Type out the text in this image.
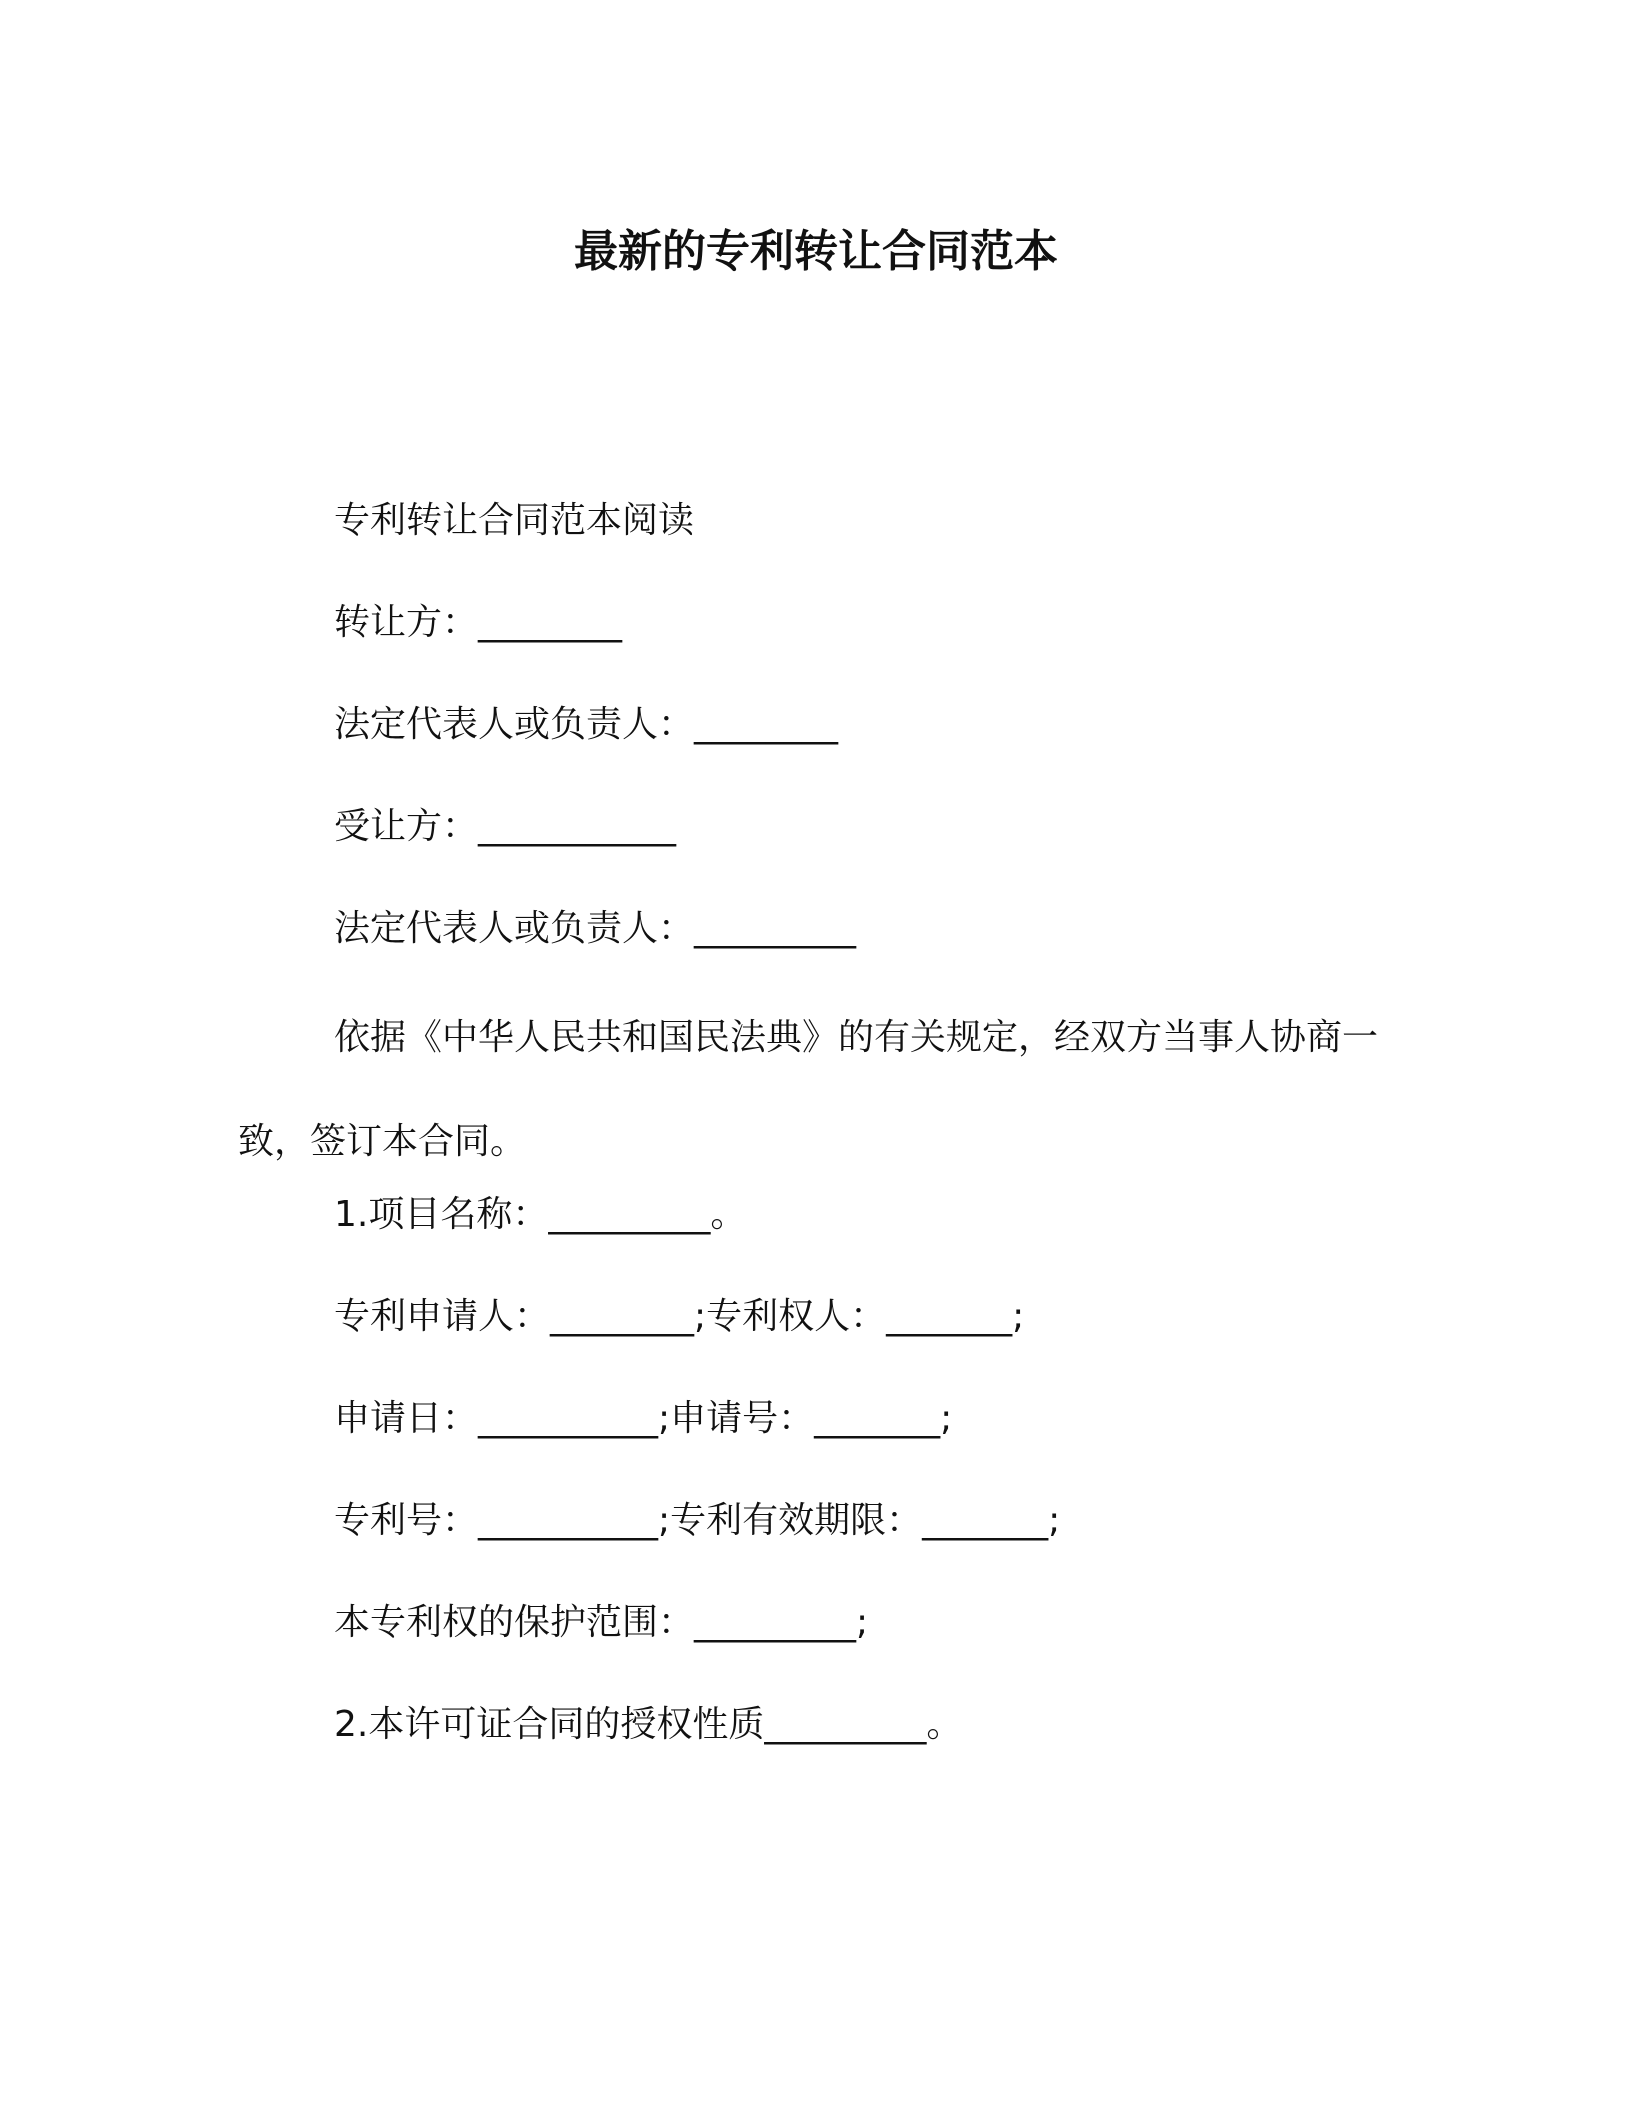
最新的专利转让合同范本
专利转让合同范本阅读
转让方：________
法定代表人或负责人：________
受让方：___________
法定代表人或负责人：_________
依据《中华人民共和国民法典》的有关规定，经双方当事人协商一致，签订本合同。
1.项目名称：_________。
专利申请人：________;专利权人：_______;
申请日：__________;申请号：_______;
专利号：__________;专利有效期限：_______;
本专利权的保护范围：_________;
2.本许可证合同的授权性质_________。
